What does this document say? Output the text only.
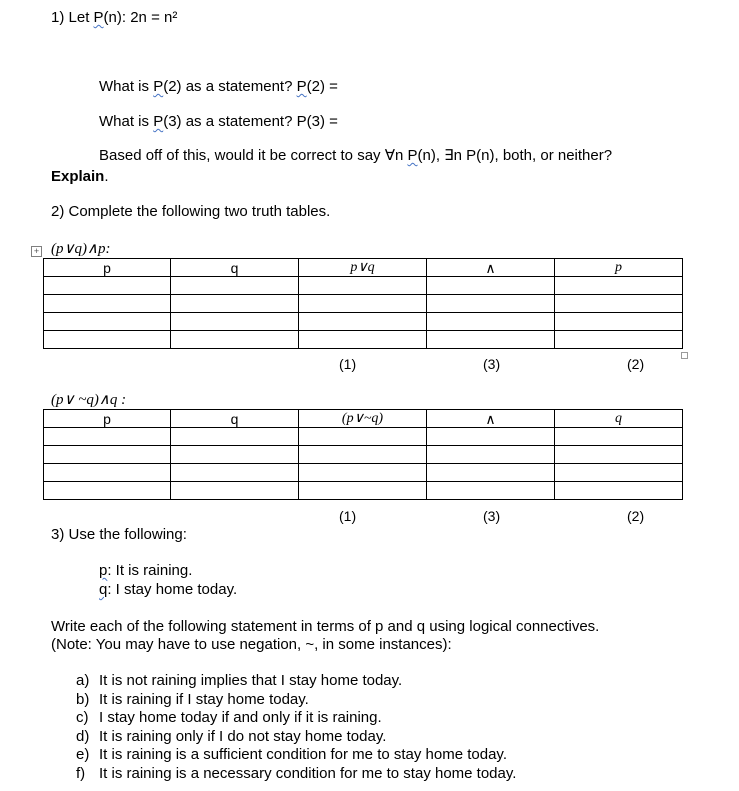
1) Let P(n): 2n = n²
What is P(2) as a statement? P(2) =
What is P(3) as a statement? P(3) =
Based off of this, would it be correct to say ∀n P(n), ∃n P(n), both, or neither?
Explain.
2) Complete the following two truth tables.
+ (p∨q)∧p:
p	q	p∨q	∧	p

(1)	(3)	(2)
(p∨ ~q)∧q :
p	q	(p∨~q)	∧	q

(1)	(3)	(2)
3) Use the following:
p: It is raining.
q: I stay home today.
Write each of the following statement in terms of p and q using logical connectives.
(Note: You may have to use negation, ~, in some instances):
a) It is not raining implies that I stay home today.
b) It is raining if I stay home today.
c) I stay home today if and only if it is raining.
d) It is raining only if I do not stay home today.
e) It is raining is a sufficient condition for me to stay home today.
f) It is raining is a necessary condition for me to stay home today.
